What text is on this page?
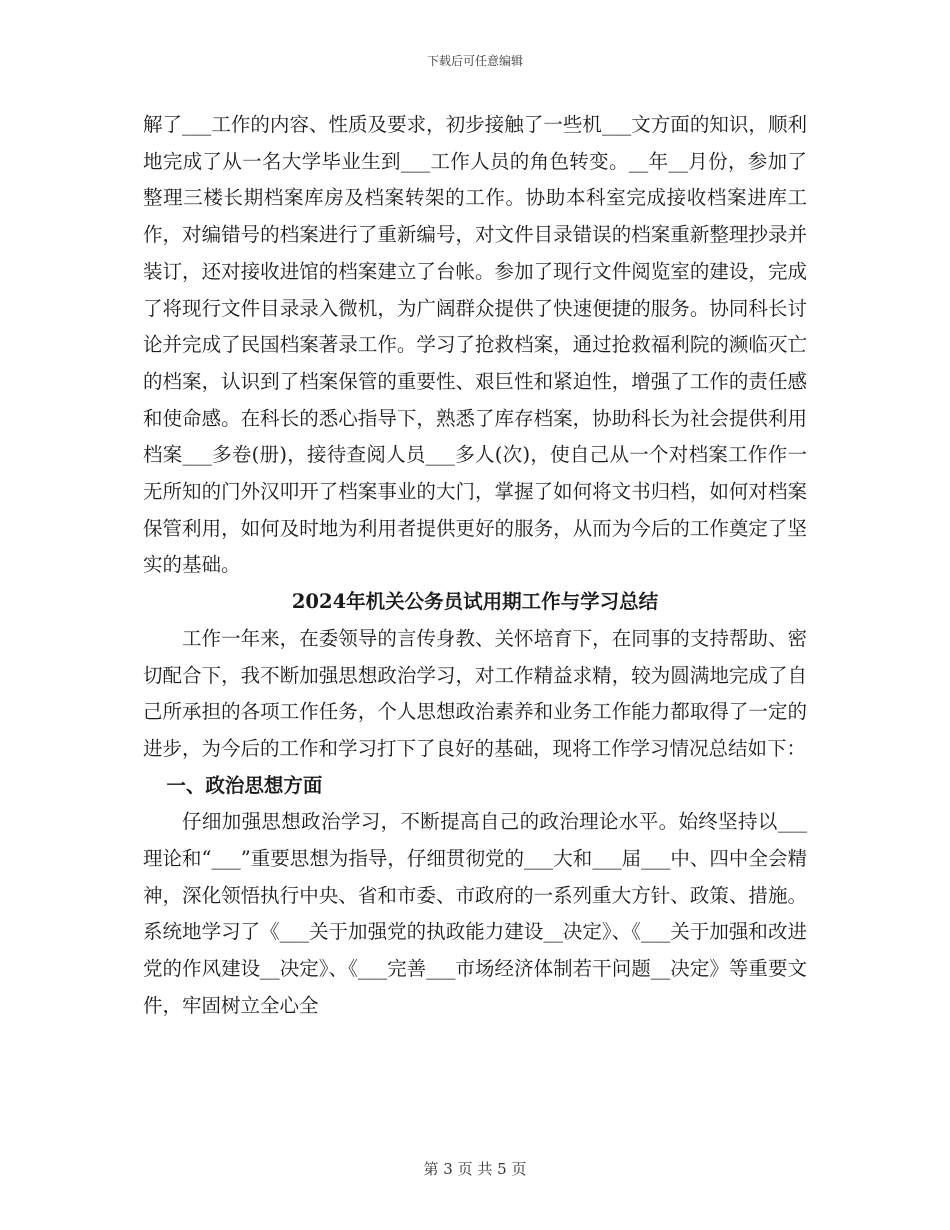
下载后可任意编辑

解了___工作的内容、性质及要求，初步接触了一些机___文方面的知识，顺利地完成了从一名大学毕业生到___工作人员的角色转变。__年__月份，参加了整理三楼长期档案库房及档案转架的工作。协助本科室完成接收档案进库工作，对编错号的档案进行了重新编号，对文件目录错误的档案重新整理抄录并装订，还对接收进馆的档案建立了台帐。参加了现行文件阅览室的建设，完成了将现行文件目录录入微机，为广阔群众提供了快速便捷的服务。协同科长讨论并完成了民国档案著录工作。学习了抢救档案，通过抢救福利院的濒临灭亡的档案，认识到了档案保管的重要性、艰巨性和紧迫性，增强了工作的责任感和使命感。在科长的悉心指导下，熟悉了库存档案，协助科长为社会提供利用档案___多卷(册)，接待查阅人员___多人(次)，使自己从一个对档案工作作一无所知的门外汉叩开了档案事业的大门，掌握了如何将文书归档，如何对档案保管利用，如何及时地为利用者提供更好的服务，从而为今后的工作奠定了坚实的基础。

2024年机关公务员试用期工作与学习总结

工作一年来，在委领导的言传身教、关怀培育下，在同事的支持帮助、密切配合下，我不断加强思想政治学习，对工作精益求精，较为圆满地完成了自己所承担的各项工作任务，个人思想政治素养和业务工作能力都取得了一定的进步，为今后的工作和学习打下了良好的基础，现将工作学习情况总结如下：

一、政治思想方面

仔细加强思想政治学习，不断提高自己的政治理论水平。始终坚持以___理论和“___”重要思想为指导，仔细贯彻党的___大和___届___中、四中全会精神，深化领悟执行中央、省和市委、市政府的一系列重大方针、政策、措施。系统地学习了《___关于加强党的执政能力建设__决定》、《___关于加强和改进党的作风建设__决定》、《___完善___市场经济体制若干问题__决定》等重要文件，牢固树立全心全

第 3 页 共 5 页
